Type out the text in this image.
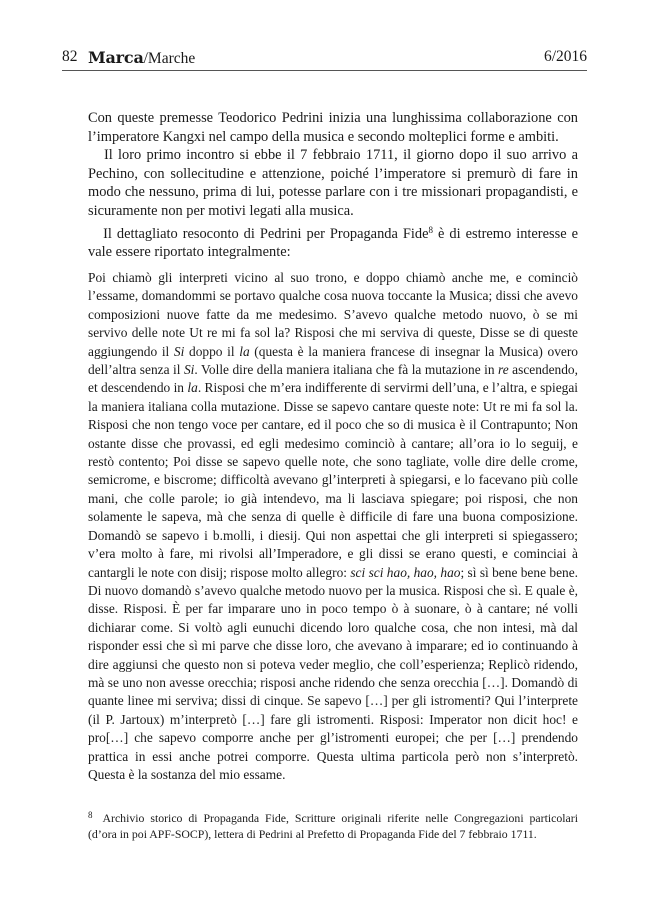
82 Marca/Marche	6/2016

Con queste premesse Teodorico Pedrini inizia una lunghissima collaborazione con l’imperatore Kangxi nel campo della musica e secondo molteplici forme e ambiti.

Il loro primo incontro si ebbe il 7 febbraio 1711, il giorno dopo il suo arrivo a Pechino, con sollecitudine e attenzione, poiché l’imperatore si premurò di fare in modo che nessuno, prima di lui, potesse parlare con i tre missionari propagandisti, e sicuramente non per motivi legati alla musica.

Il dettagliato resoconto di Pedrini per Propaganda Fide$^8$ è di estremo interesse e vale essere riportato integralmente:

Poi chiamò gli interpreti vicino al suo trono, e doppo chiamò anche me, e cominciò l’essame, domandommi se portavo qualche cosa nuova toccante la Musica; dissi che avevo composizioni nuove fatte da me medesimo. S’avevo qualche metodo nuovo, ò se mi servivo delle note Ut re mi fa sol la? Risposi che mi serviva di queste, Disse se di queste aggiungendo il Si doppo il la (questa è la maniera francese di insegnar la Musica) overo dell’altra senza il Si. Volle dire della maniera italiana che fà la mutazione in re ascendendo, et descendendo in la. Risposi che m’era indifferente di servirmi dell’una, e l’altra, e spiegai la maniera italiana colla mutazione. Disse se sapevo cantare queste note: Ut re mi fa sol la. Risposi che non tengo voce per cantare, ed il poco che so di musica è il Contrapunto; Non ostante disse che provassi, ed egli medesimo cominciò à cantare; all’ora io lo seguij, e restò contento; Poi disse se sapevo quelle note, che sono tagliate, volle dire delle crome, semicrome, e biscrome; difficoltà avevano gl’interpreti à spiegarsi, e lo facevano più colle mani, che colle parole; io già intendevo, ma li lasciava spiegare; poi risposi, che non solamente le sapeva, mà che senza di quelle è difficile di fare una buona composizione. Domandò se sapevo i b.molli, i diesij. Qui non aspettai che gli interpreti si spiegassero; v’era molto à fare, mi rivolsi all’Imperadore, e gli dissi se erano questi, e cominciai à cantargli le note con disij; rispose molto allegro: sci sci hao, hao, hao; sì sì bene bene bene. Di nuovo domandò s’avevo qualche metodo nuovo per la musica. Risposi che sì. E quale è, disse. Risposi. È per far imparare uno in poco tempo ò à suonare, ò à cantare; né volli dichiarar come. Si voltò agli eunuchi dicendo loro qualche cosa, che non intesi, mà dal risponder essi che sì mi parve che disse loro, che avevano à imparare; ed io continuando à dire aggiunsi che questo non si poteva veder meglio, che coll’esperienza; Replicò ridendo, mà se uno non avesse orecchia; risposi anche ridendo che senza orecchia […]. Domandò di quante linee mi serviva; dissi di cinque. Se sapevo […] per gli istromenti? Qui l’interprete (il P. Jartoux) m’interpretò […] fare gli istromenti. Risposi: Imperator non dicit hoc! e pro[…] che sapevo comporre anche per gl’istromenti europei; che per […] prendendo prattica in essi anche potrei comporre. Questa ultima particola però non s’interpretò. Questa è la sostanza del mio essame.

$^8$ Archivio storico di Propaganda Fide, Scritture originali riferite nelle Congregazioni particolari (d’ora in poi APF-SOCP), lettera di Pedrini al Prefetto di Propaganda Fide del 7 febbraio 1711.
